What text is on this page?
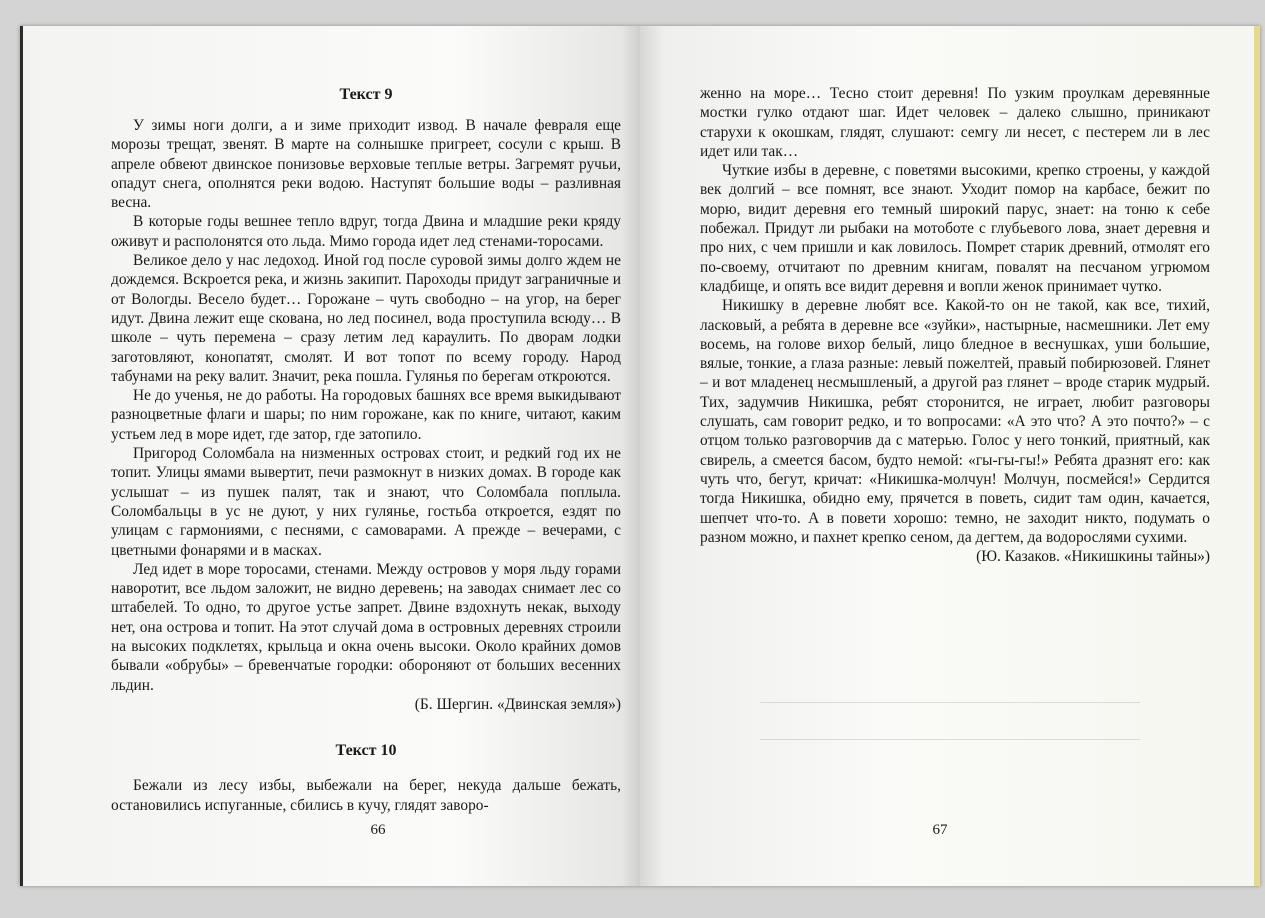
Текст 9

У зимы ноги долги, а и зиме приходит извод. В начале февраля еще морозы трещат, звенят. В марте на солнышке пригреет, сосули с крыш. В апреле обвеют двинское понизовье верховые теплые ветры. Загремят ручьи, опадут снега, ополнятся реки водою. Наступят большие воды – разливная весна.

В которые годы вешнее тепло вдруг, тогда Двина и младшие реки кряду оживут и располонятся ото льда. Мимо города идет лед стенами-торосами.

Великое дело у нас ледоход. Иной год после суровой зимы долго ждем не дождемся. Вскроется река, и жизнь закипит. Пароходы придут заграничные и от Вологды. Весело будет… Горожане – чуть свободно – на угор, на берег идут. Двина лежит еще скована, но лед посинел, вода проступила всюду… В школе – чуть перемена – сразу летим лед караулить. По дворам лодки заготовляют, конопатят, смолят. И вот топот по всему городу. Народ табунами на реку валит. Значит, река пошла. Гулянья по берегам откроются.

Не до ученья, не до работы. На городовых башнях все время выкидывают разноцветные флаги и шары; по ним горожане, как по книге, читают, каким устьем лед в море идет, где затор, где затопило.

Пригород Соломбала на низменных островах стоит, и редкий год их не топит. Улицы ямами вывертит, печи размокнут в низких домах. В городе как услышат – из пушек палят, так и знают, что Соломбала поплыла. Соломбальцы в ус не дуют, у них гулянье, гостьба откроется, ездят по улицам с гармониями, с песнями, с самоварами. А прежде – вечерами, с цветными фонарями и в масках.

Лед идет в море торосами, стенами. Между островов у моря льду горами наворотит, все льдом заложит, не видно деревень; на заводах снимает лес со штабелей. То одно, то другое устье запрет. Двине вздохнуть некак, выходу нет, она острова и топит. На этот случай дома в островных деревнях строили на высоких подклетях, крыльца и окна очень высоки. Около крайних домов бывали «обрубы» – бревенчатые городки: обороняют от больших весенних льдин.

(Б. Шергин. «Двинская земля»)

Текст 10

Бежали из лесу избы, выбежали на берег, некуда дальше бежать, остановились испуганные, сбились в кучу, глядят заворо-

66

женно на море… Тесно стоит деревня! По узким проулкам деревянные мостки гулко отдают шаг. Идет человек – далеко слышно, приникают старухи к окошкам, глядят, слушают: семгу ли несет, с пестерем ли в лес идет или так…

Чуткие избы в деревне, с поветями высокими, крепко строены, у каждой век долгий – все помнят, все знают. Уходит помор на карбасе, бежит по морю, видит деревня его темный широкий парус, знает: на тоню к себе побежал. Придут ли рыбаки на мотоботе с глубьевого лова, знает деревня и про них, с чем пришли и как ловилось. Помрет старик древний, отмолят его по-своему, отчитают по древним книгам, повалят на песчаном угрюмом кладбище, и опять все видит деревня и вопли женок принимает чутко.

Никишку в деревне любят все. Какой-то он не такой, как все, тихий, ласковый, а ребята в деревне все «зуйки», настырные, насмешники. Лет ему восемь, на голове вихор белый, лицо бледное в веснушках, уши большие, вялые, тонкие, а глаза разные: левый пожелтей, правый побирюзовей. Глянет – и вот младенец несмышленый, а другой раз глянет – вроде старик мудрый. Тих, задумчив Никишка, ребят сторонится, не играет, любит разговоры слушать, сам говорит редко, и то вопросами: «А это что? А это почто?» – с отцом только разговорчив да с матерью. Голос у него тонкий, приятный, как свирель, а смеется басом, будто немой: «гы-гы-гы!» Ребята дразнят его: как чуть что, бегут, кричат: «Никишка-молчун! Молчун, посмейся!» Сердится тогда Никишка, обидно ему, прячется в поветь, сидит там один, качается, шепчет что-то. А в повети хорошо: темно, не заходит никто, подумать о разном можно, и пахнет крепко сеном, да дегтем, да водорослями сухими.

(Ю. Казаков. «Никишкины тайны»)

67
